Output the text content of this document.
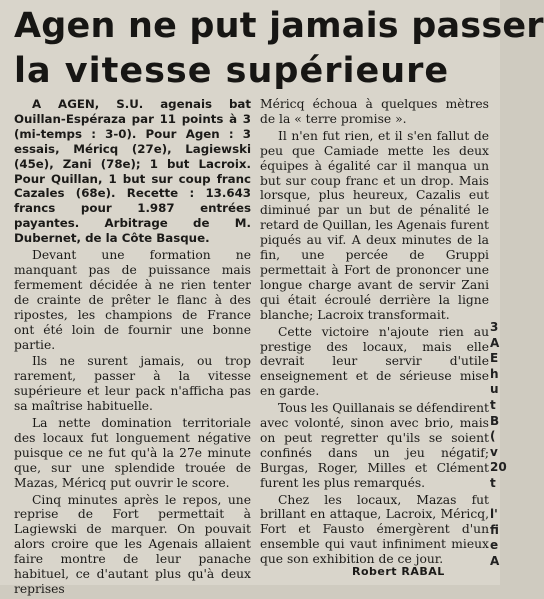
Agen ne put jamais passer
la vitesse supérieure

A AGEN, S.U. agenais bat Ouillan-Espéraza par 11 points à 3 (mi-temps : 3-0). Pour Agen : 3 essais, Méricq (27e), Lagiewski (45e), Zani (78e); 1 but Lacroix. Pour Quillan, 1 but sur coup franc Cazales (68e). Recette : 13.643 francs pour 1.987 entrées payantes. Arbitrage de M. Dubernet, de la Côte Basque.

Devant une formation ne manquant pas de puissance mais fermement décidée à ne rien tenter de crainte de prêter le flanc à des ripostes, les champions de France ont été loin de fournir une bonne partie.

Ils ne surent jamais, ou trop rarement, passer à la vitesse supérieure et leur pack n'afficha pas sa maîtrise habituelle.

La nette domination territoriale des locaux fut longuement négative puisque ce ne fut qu'à la 27e minute que, sur une splendide trouée de Mazas, Méricq put ouvrir le score.

Cinq minutes après le repos, une reprise de Fort permettait à Lagiewski de marquer. On pouvait alors croire que les Agenais allaient faire montre de leur panache habituel, ce d'autant plus qu'à deux reprises

Méricq échoua à quelques mètres de la « terre promise ».

Il n'en fut rien, et il s'en fallut de peu que Camiade mette les deux équipes à égalité car il manqua un but sur coup franc et un drop. Mais lorsque, plus heureux, Cazalis eut diminué par un but de pénalité le retard de Quillan, les Agenais furent piqués au vif. A deux minutes de la fin, une percée de Gruppi permettait à Fort de prononcer une longue charge avant de servir Zani qui était écroulé derrière la ligne blanche; Lacroix transformait.

Cette victoire n'ajoute rien au prestige des locaux, mais elle devrait leur servir d'utile enseignement et de sérieuse mise en garde.

Tous les Quillanais se défendirent avec volonté, sinon avec brio, mais on peut regretter qu'ils se soient confinés dans un jeu négatif; Burgas, Roger, Milles et Clément furent les plus remarqués.

Chez les locaux, Mazas fut brillant en attaque, Lacroix, Méricq, Fort et Fausto émergèrent d'un ensemble qui vaut infiniment mieux que son exhibition de ce jour.

Robert RABAL
3
A
E
h
u
t
B
(
v
20
t

l'
fi
e
A
